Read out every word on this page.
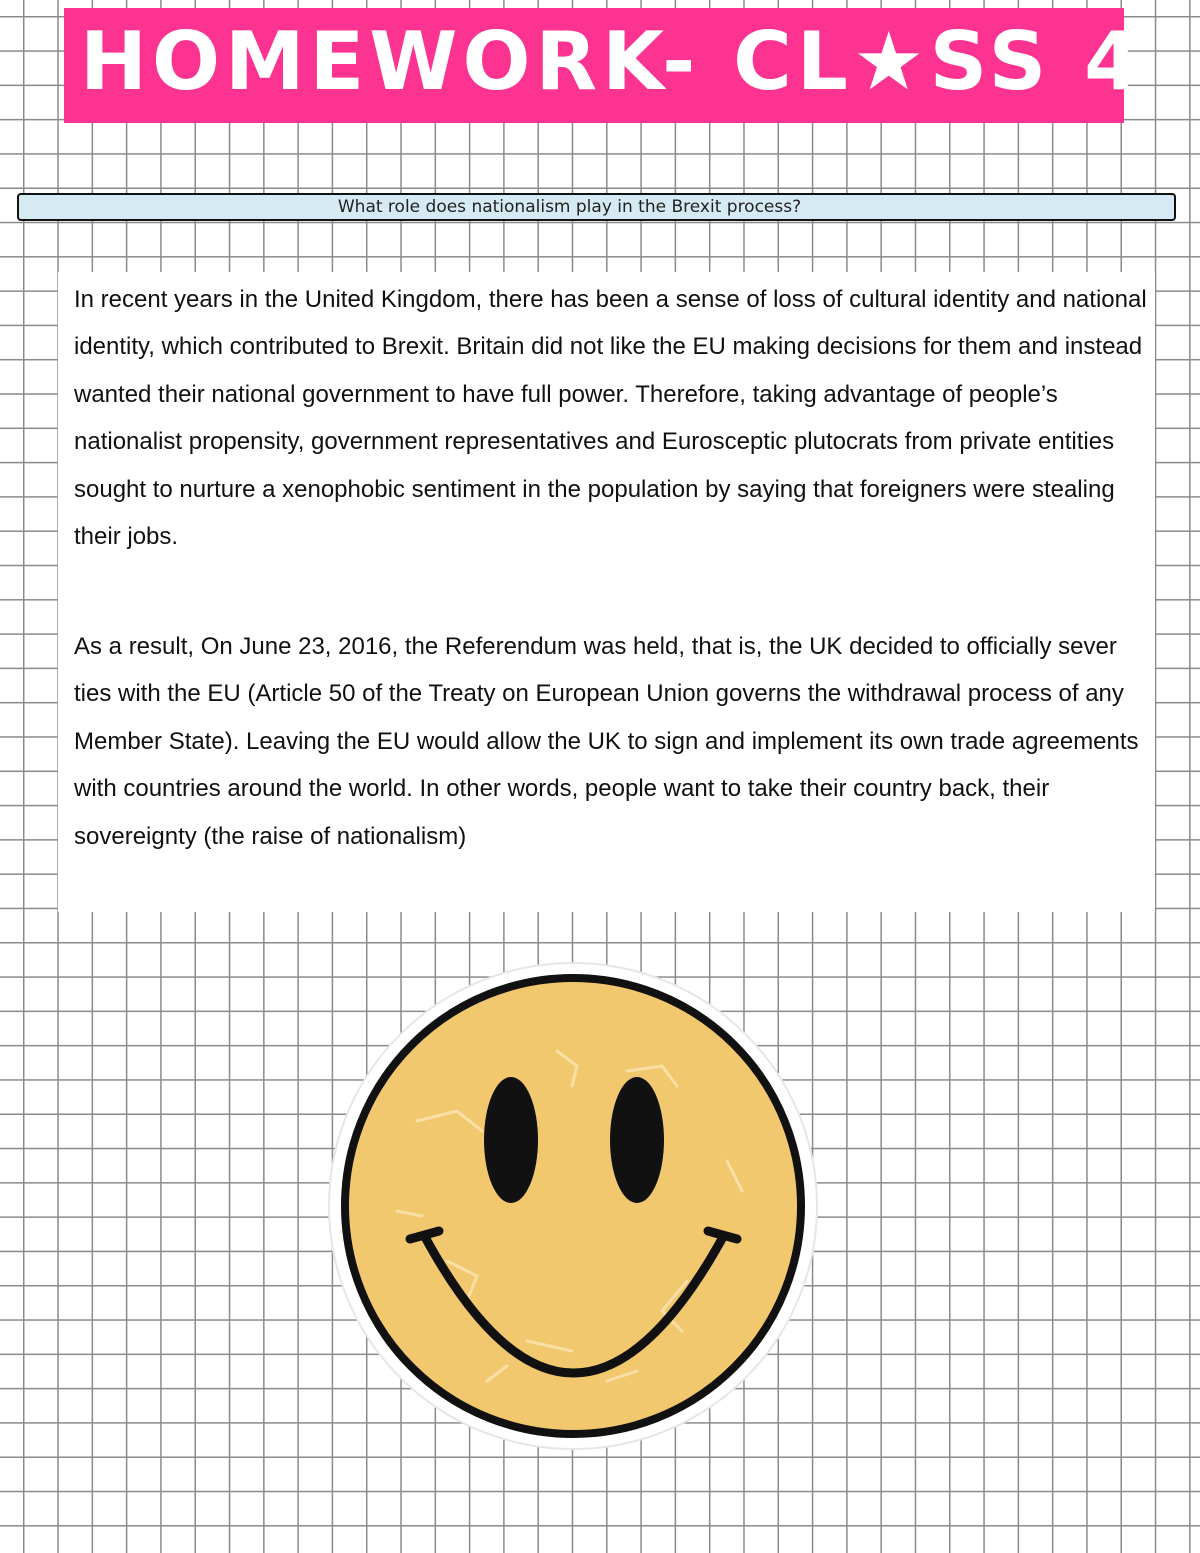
HOMEWORK- CL★SS 4
What role does nationalism play in the Brexit process?

In recent years in the United Kingdom, there has been a sense of loss of cultural identity and national identity, which contributed to Brexit. Britain did not like the EU making decisions for them and instead wanted their national government to have full power. Therefore, taking advantage of people’s nationalist propensity, government representatives and Eurosceptic plutocrats from private entities sought to nurture a xenophobic sentiment in the population by saying that foreigners were stealing their jobs.

As a result, On June 23, 2016, the Referendum was held, that is, the UK decided to officially sever ties with the EU (Article 50 of the Treaty on European Union governs the withdrawal process of any Member State). Leaving the EU would allow the UK to sign and implement its own trade agreements with countries around the world. In other words, people want to take their country back, their sovereignty (the raise of nationalism)
